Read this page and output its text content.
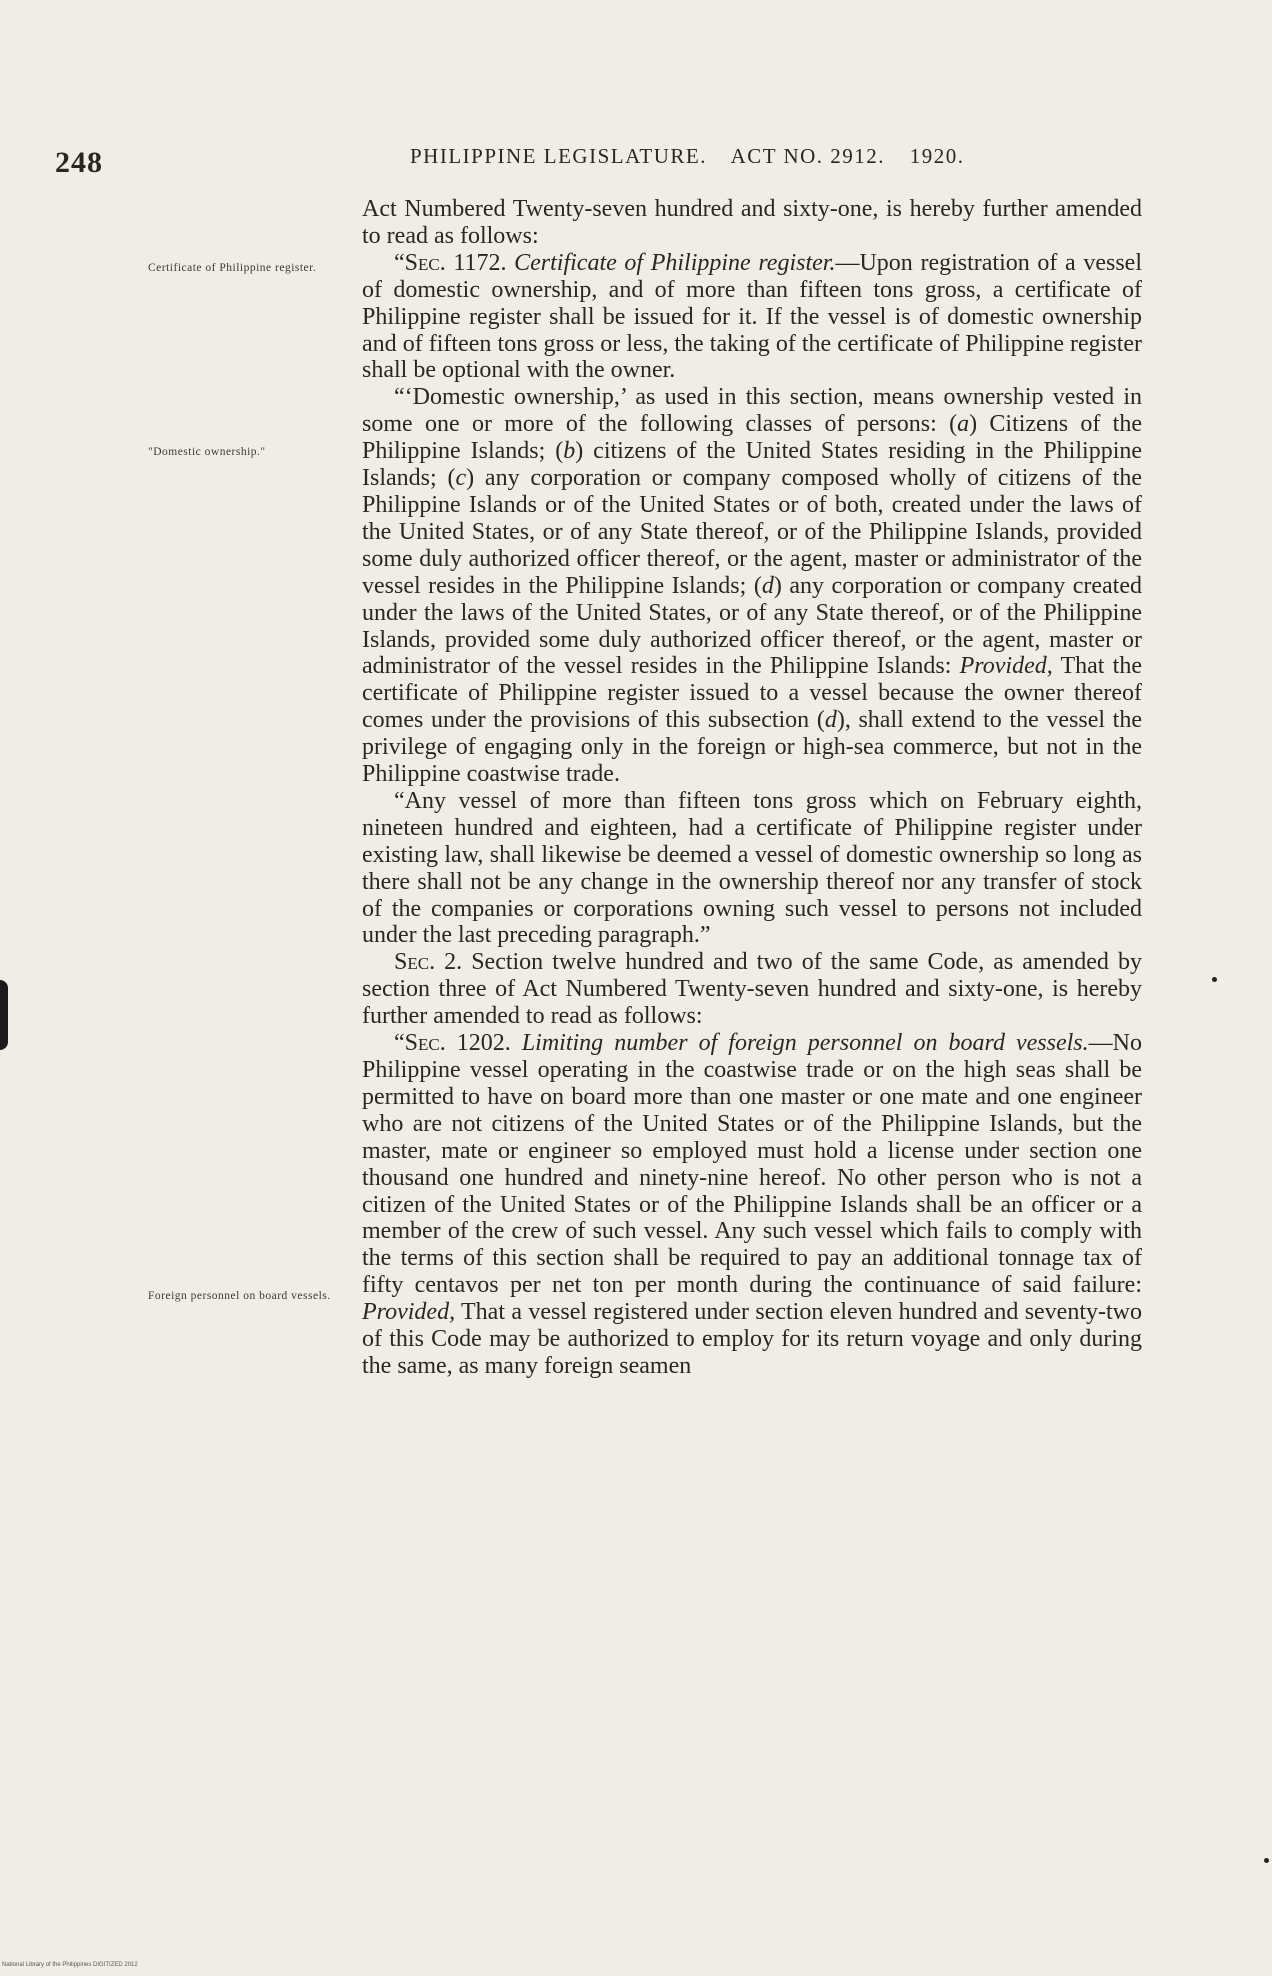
248	PHILIPPINE LEGISLATURE. ACT NO. 2912. 1920.
Certificate of Philippine register.
"Domestic ownership."
Foreign personnel on board vessels.

Act Numbered Twenty-seven hundred and sixty-one, is hereby further amended to read as follows:

“Sec. 1172. Certificate of Philippine register.—Upon registration of a vessel of domestic ownership, and of more than fifteen tons gross, a certificate of Philippine register shall be issued for it. If the vessel is of domestic ownership and of fifteen tons gross or less, the taking of the certificate of Philippine register shall be optional with the owner.

“‘Domestic ownership,’ as used in this section, means ownership vested in some one or more of the following classes of persons: (a) Citizens of the Philippine Islands; (b) citizens of the United States residing in the Philippine Islands; (c) any corporation or company composed wholly of citizens of the Philippine Islands or of the United States or of both, created under the laws of the United States, or of any State thereof, or of the Philippine Islands, provided some duly authorized officer thereof, or the agent, master or administrator of the vessel resides in the Philippine Islands; (d) any corporation or company created under the laws of the United States, or of any State thereof, or of the Philippine Islands, provided some duly authorized officer thereof, or the agent, master or administrator of the vessel resides in the Philippine Islands: Provided, That the certificate of Philippine register issued to a vessel because the owner thereof comes under the provisions of this subsection (d), shall extend to the vessel the privilege of engaging only in the foreign or high-sea commerce, but not in the Philippine coastwise trade.

“Any vessel of more than fifteen tons gross which on February eighth, nineteen hundred and eighteen, had a certificate of Philippine register under existing law, shall likewise be deemed a vessel of domestic ownership so long as there shall not be any change in the ownership thereof nor any transfer of stock of the companies or corporations owning such vessel to persons not included under the last preceding paragraph.”

Sec. 2. Section twelve hundred and two of the same Code, as amended by section three of Act Numbered Twenty-seven hundred and sixty-one, is hereby further amended to read as follows:

“Sec. 1202. Limiting number of foreign personnel on board vessels.—No Philippine vessel operating in the coastwise trade or on the high seas shall be permitted to have on board more than one master or one mate and one engineer who are not citizens of the United States or of the Philippine Islands, but the master, mate or engineer so employed must hold a license under section one thousand one hundred and ninety-nine hereof. No other person who is not a citizen of the United States or of the Philippine Islands shall be an officer or a member of the crew of such vessel. Any such vessel which fails to comply with the terms of this section shall be required to pay an additional tonnage tax of fifty centavos per net ton per month during the continuance of said failure: Provided, That a vessel registered under section eleven hundred and seventy-two of this Code may be authorized to employ for its return voyage and only during the same, as many foreign seamen

National Library of the Philippines DIGITIZED 2012
